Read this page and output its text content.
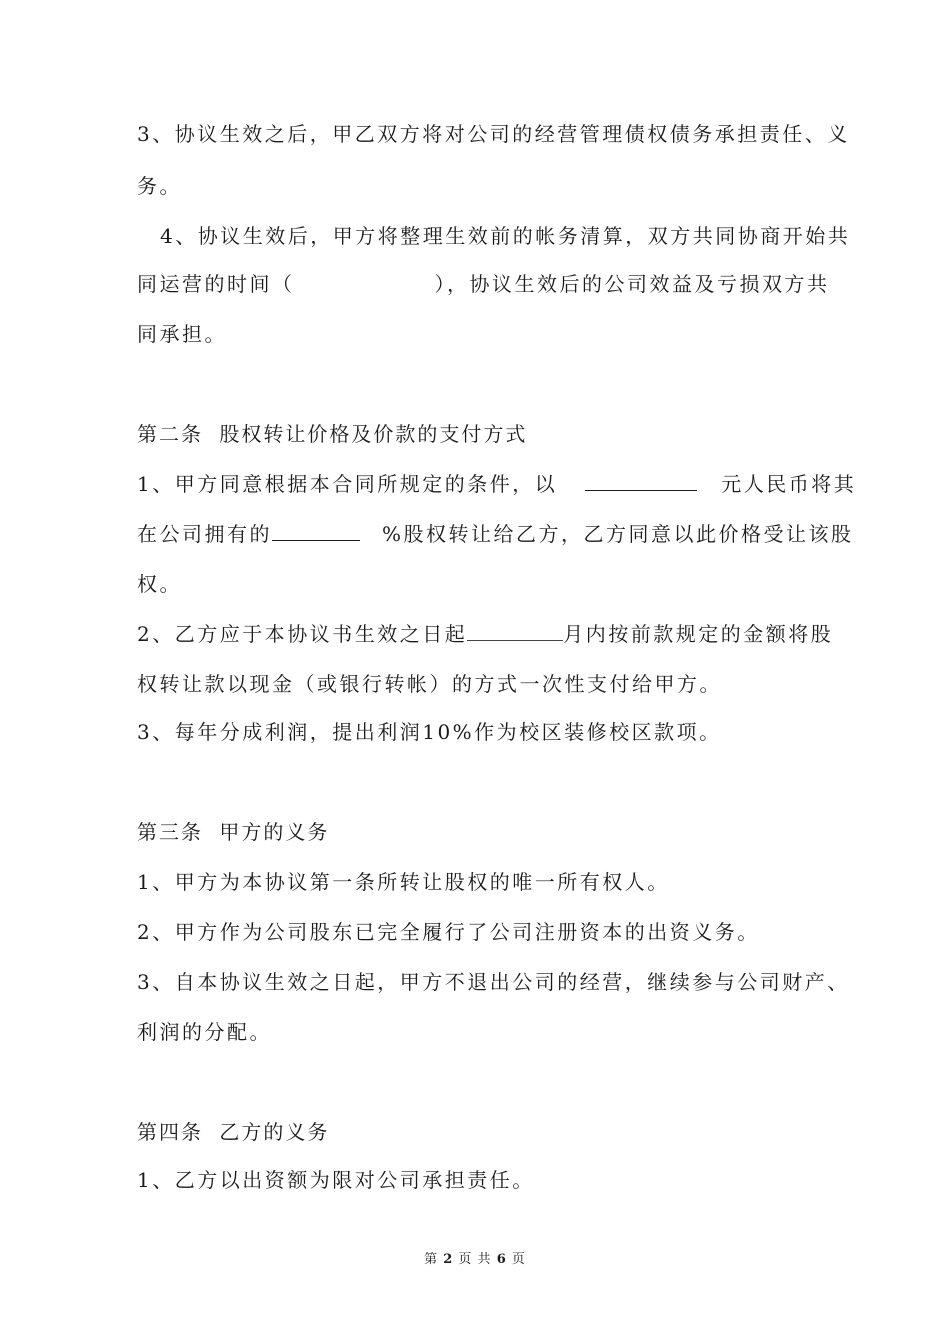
3、协议生效之后，甲乙双方将对公司的经营管理债权债务承担责任、义
务。
4、协议生效后，甲方将整理生效前的帐务清算，双方共同协商开始共
同运营的时间（	），协议生效后的公司效益及亏损双方共
同承担。
第二条 股权转让价格及价款的支付方式
1、甲方同意根据本合同所规定的条件，以	元人民币将其
在公司拥有的	%股权转让给乙方，乙方同意以此价格受让该股
权。
2、乙方应于本协议书生效之日起	月内按前款规定的金额将股
权转让款以现金（或银行转帐）的方式一次性支付给甲方。
3、每年分成利润，提出利润10%作为校区装修校区款项。
第三条 甲方的义务
1、甲方为本协议第一条所转让股权的唯一所有权人。
2、甲方作为公司股东已完全履行了公司注册资本的出资义务。
3、自本协议生效之日起，甲方不退出公司的经营，继续参与公司财产、
利润的分配。
第四条 乙方的义务
1、乙方以出资额为限对公司承担责任。
第 2 页 共 6 页
